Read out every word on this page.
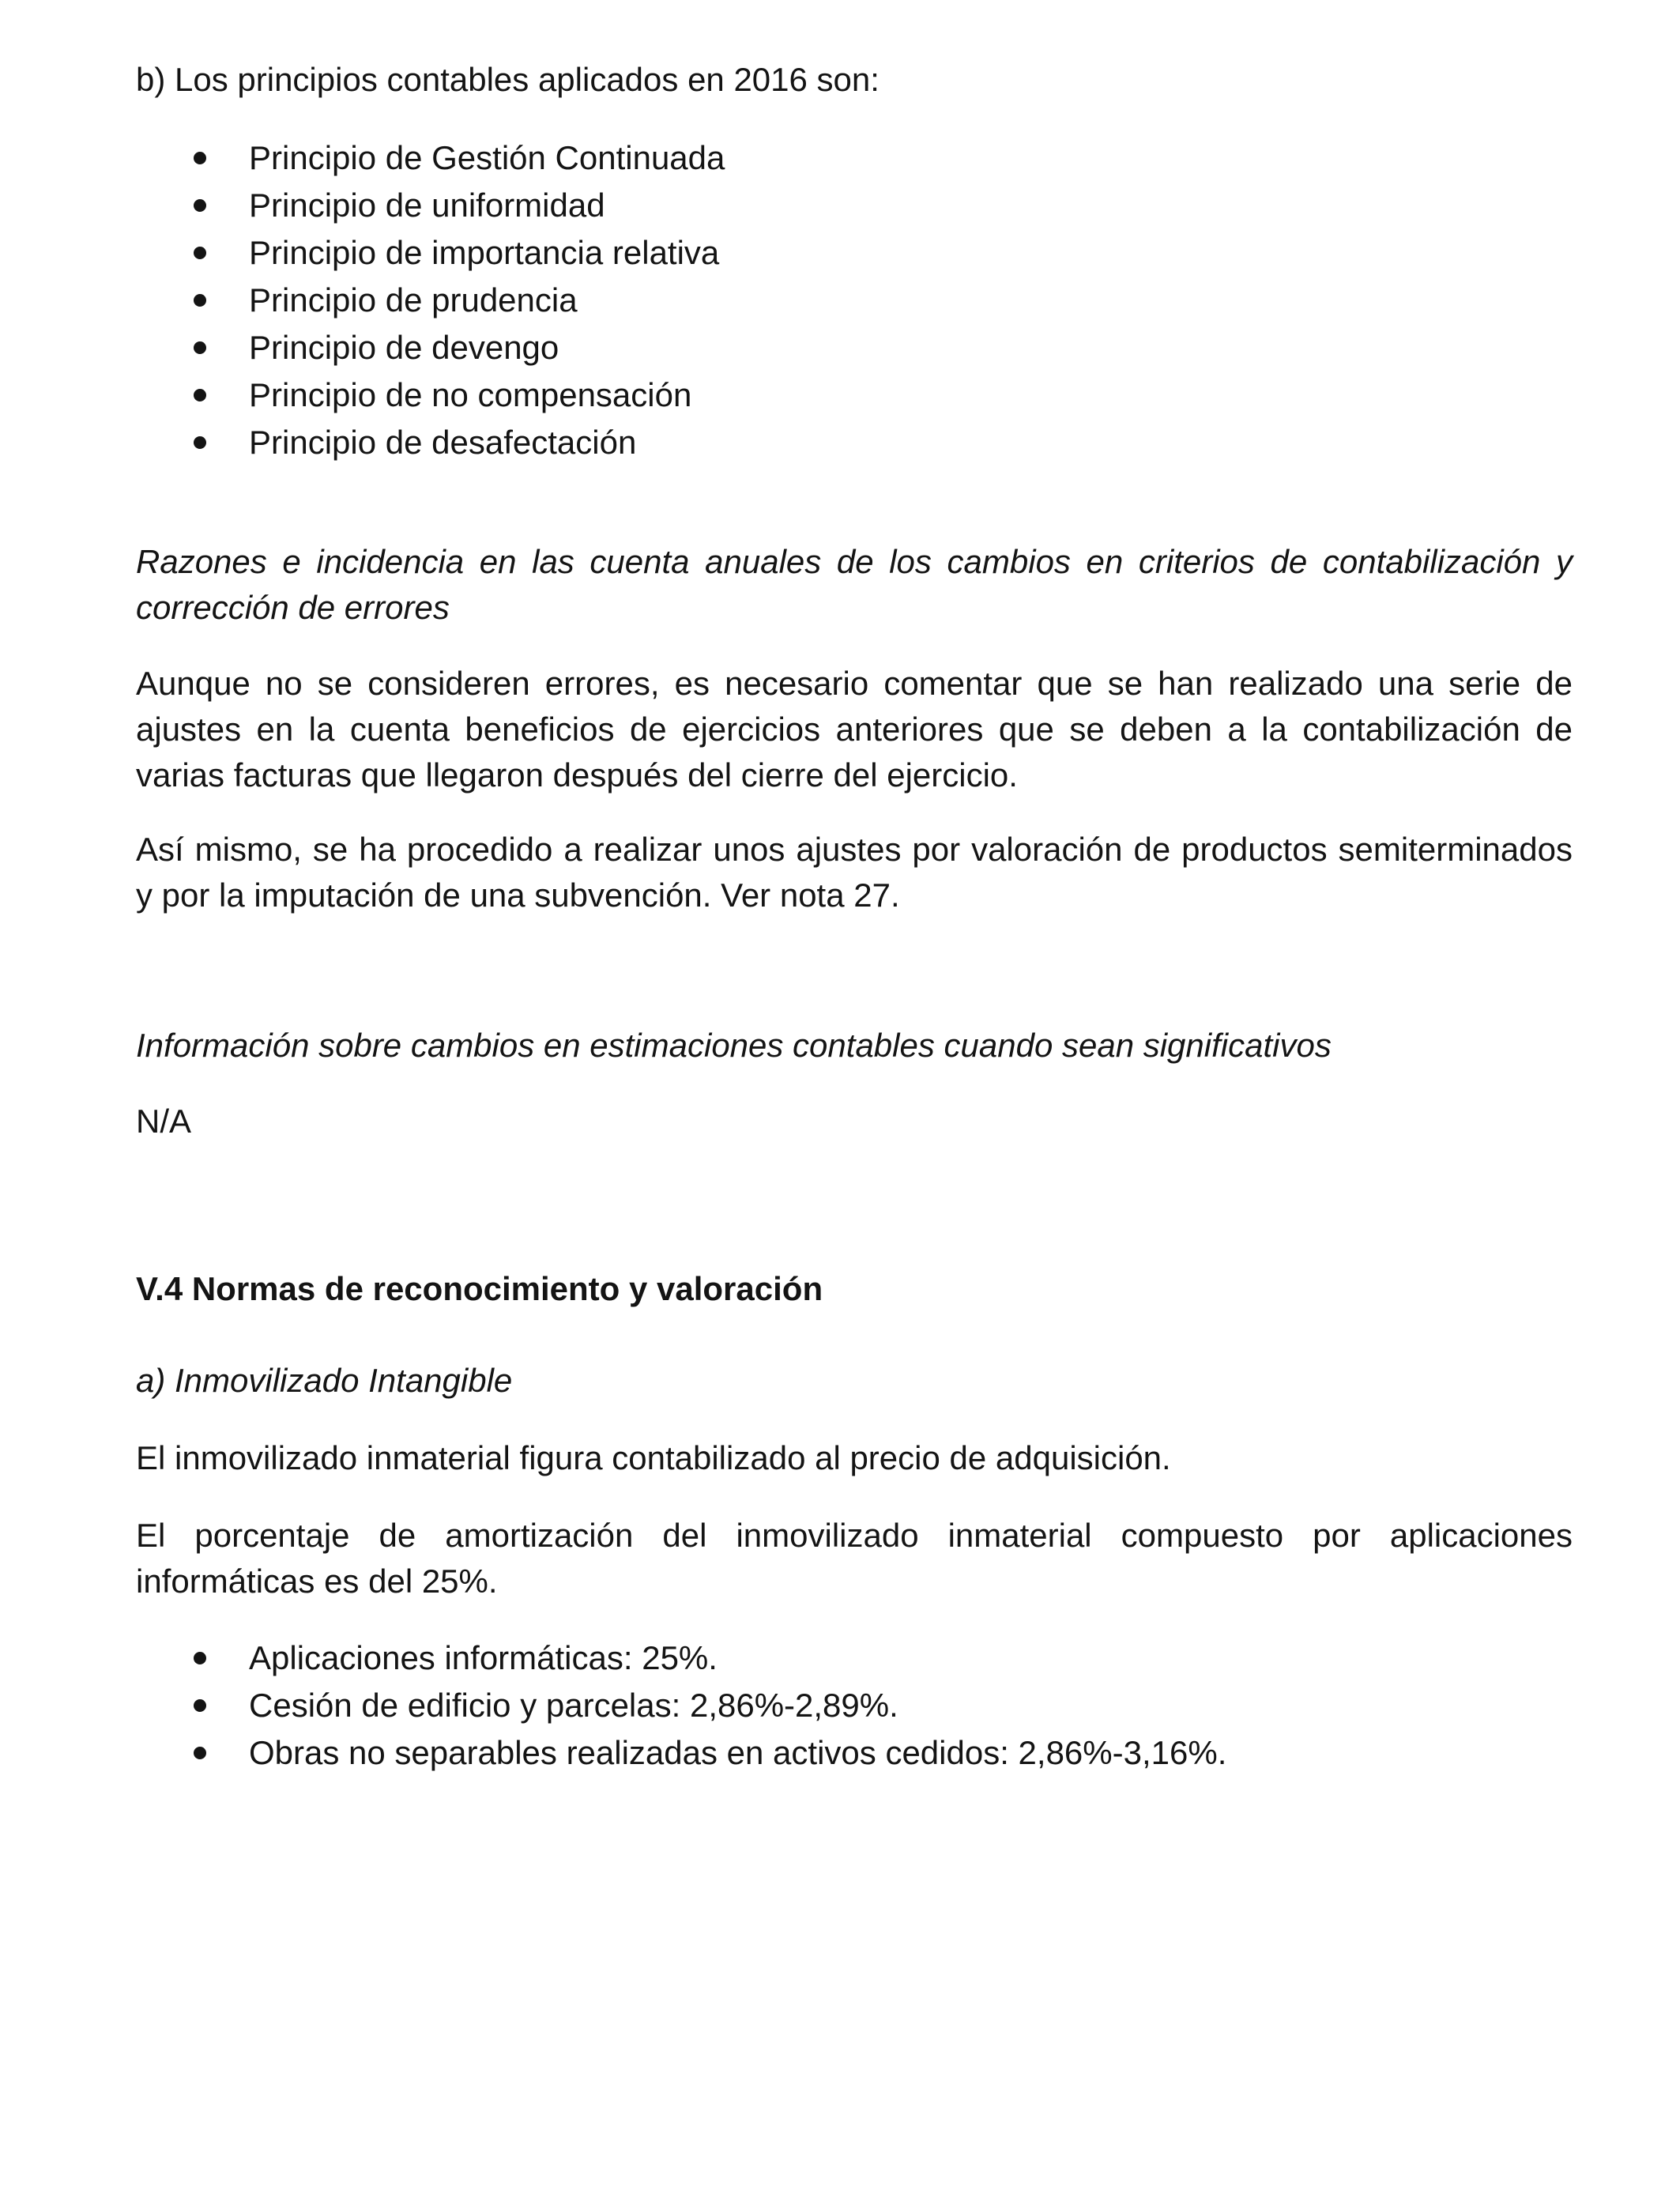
b) Los principios contables aplicados en 2016 son:

Principio de Gestión Continuada
Principio de uniformidad
Principio de importancia relativa
Principio de prudencia
Principio de devengo
Principio de no compensación
Principio de desafectación

Razones e incidencia en las cuenta anuales de los cambios en criterios de contabilización y corrección de errores

Aunque no se consideren errores, es necesario comentar que se han realizado una serie de ajustes en la cuenta beneficios de ejercicios anteriores que se deben a la contabilización de varias facturas que llegaron después del cierre del ejercicio.

Así mismo, se ha procedido a realizar unos ajustes por valoración de productos semiterminados y por la imputación de una subvención. Ver nota 27.

Información sobre cambios en estimaciones contables cuando sean significativos

N/A

V.4 Normas de reconocimiento y valoración

a) Inmovilizado Intangible

El inmovilizado inmaterial figura contabilizado al precio de adquisición.

El porcentaje de amortización del inmovilizado inmaterial compuesto por aplicaciones informáticas es del 25%.

Aplicaciones informáticas: 25%.
Cesión de edificio y parcelas: 2,86%-2,89%.
Obras no separables realizadas en activos cedidos: 2,86%-3,16%.
